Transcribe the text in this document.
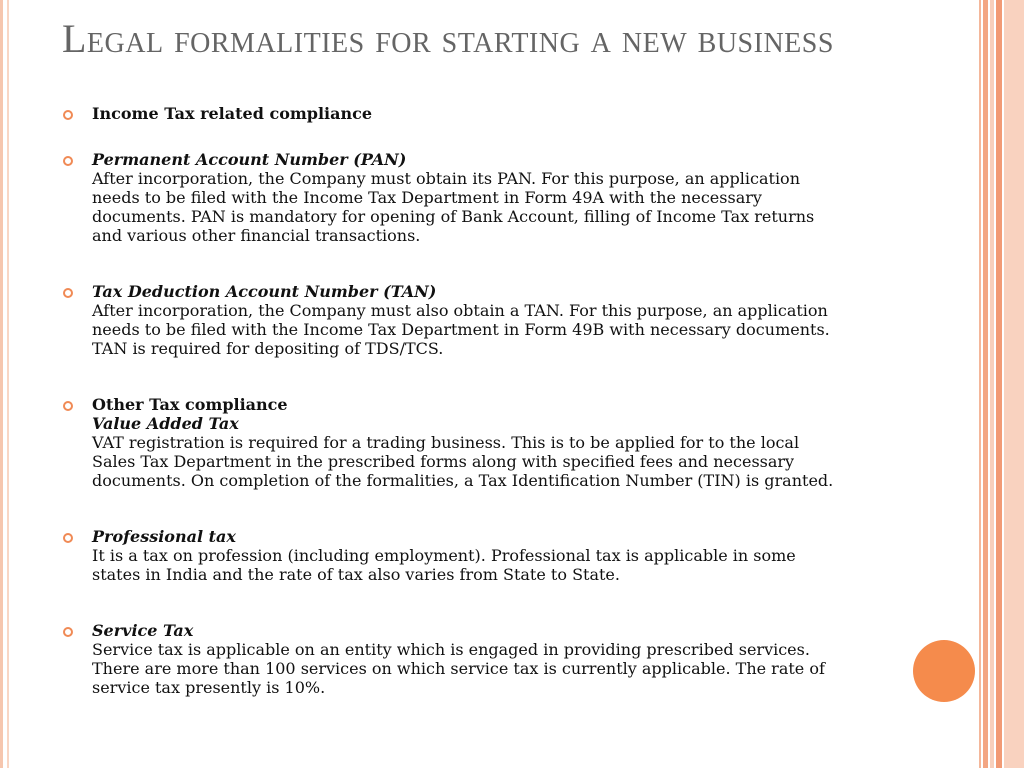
Legal formalities for starting a new business
Income Tax related compliance
Permanent Account Number (PAN)
After incorporation, the Company must obtain its PAN. For this purpose, an application
needs to be filed with the Income Tax Department in Form 49A with the necessary
documents. PAN is mandatory for opening of Bank Account, filling of Income Tax returns
and various other financial transactions.
Tax Deduction Account Number (TAN)
After incorporation, the Company must also obtain a TAN. For this purpose, an application
needs to be filed with the Income Tax Department in Form 49B with necessary documents.
TAN is required for depositing of TDS/TCS.
Other Tax compliance
Value Added Tax
VAT registration is required for a trading business. This is to be applied for to the local
Sales Tax Department in the prescribed forms along with specified fees and necessary
documents. On completion of the formalities, a Tax Identification Number (TIN) is granted.
Professional tax
It is a tax on profession (including employment). Professional tax is applicable in some
states in India and the rate of tax also varies from State to State.
Service Tax
Service tax is applicable on an entity which is engaged in providing prescribed services.
There are more than 100 services on which service tax is currently applicable. The rate of
service tax presently is 10%.
